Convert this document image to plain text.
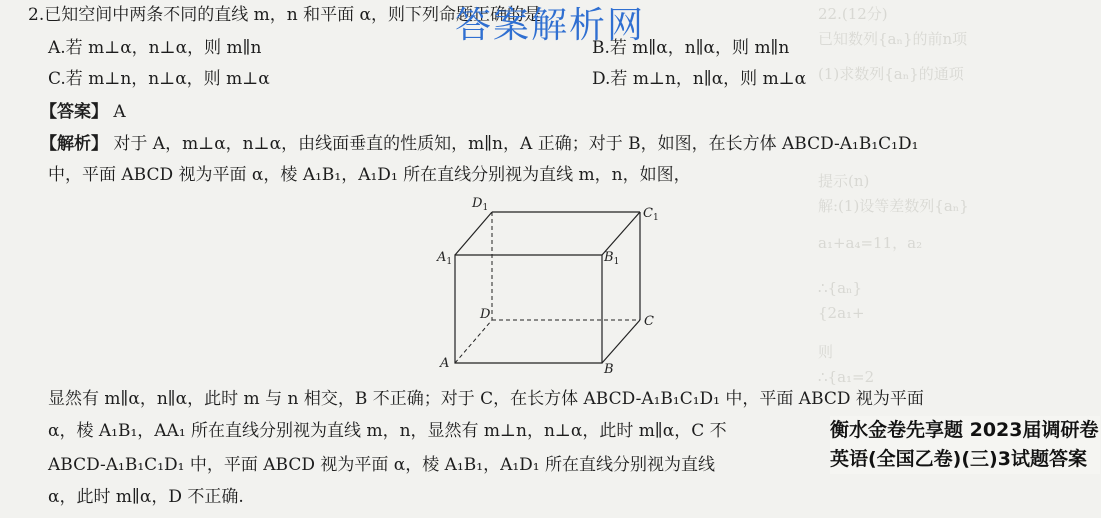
22.(12分)
已知数列{aₙ}的前n项
(1)求数列{aₙ}的通项
提示(n)
解:(1)设等差数列{aₙ}
a₁+a₄=11，a₂
∴{aₙ}
{2a₁+
则
∴{a₁=2
2.已知空间中两条不同的直线 m，n 和平面 α，则下列命题正确的是
A.若 m⊥α，n⊥α，则 m∥n	B.若 m∥α，n∥α，则 m∥n
C.若 m⊥n，n⊥α，则 m⊥α	D.若 m⊥n，n∥α，则 m⊥α
【答案】 A
【解析】 对于 A，m⊥α，n⊥α，由线面垂直的性质知，m∥n，A 正确；对于 B，如图，在长方体 ABCD-A₁B₁C₁D₁
中，平面 ABCD 视为平面 α，棱 A₁B₁，A₁D₁ 所在直线分别视为直线 m，n，如图，
$D_1$	$C_1$
$A_1$	$B_1$
D	C
A	B
显然有 m∥α，n∥α，此时 m 与 n 相交，B 不正确；对于 C，在长方体 ABCD-A₁B₁C₁D₁ 中，平面 ABCD 视为平面
α，棱 A₁B₁，AA₁ 所在直线分别视为直线 m，n，显然有 m⊥n，n⊥α，此时 m∥α，C 不
ABCD-A₁B₁C₁D₁ 中，平面 ABCD 视为平面 α，棱 A₁B₁，A₁D₁ 所在直线分别视为直线
α，此时 m∥α，D 不正确.
答案解析网
衡水金卷先享题 2023届调研卷 英语(全国乙卷)(三)3试题答案
